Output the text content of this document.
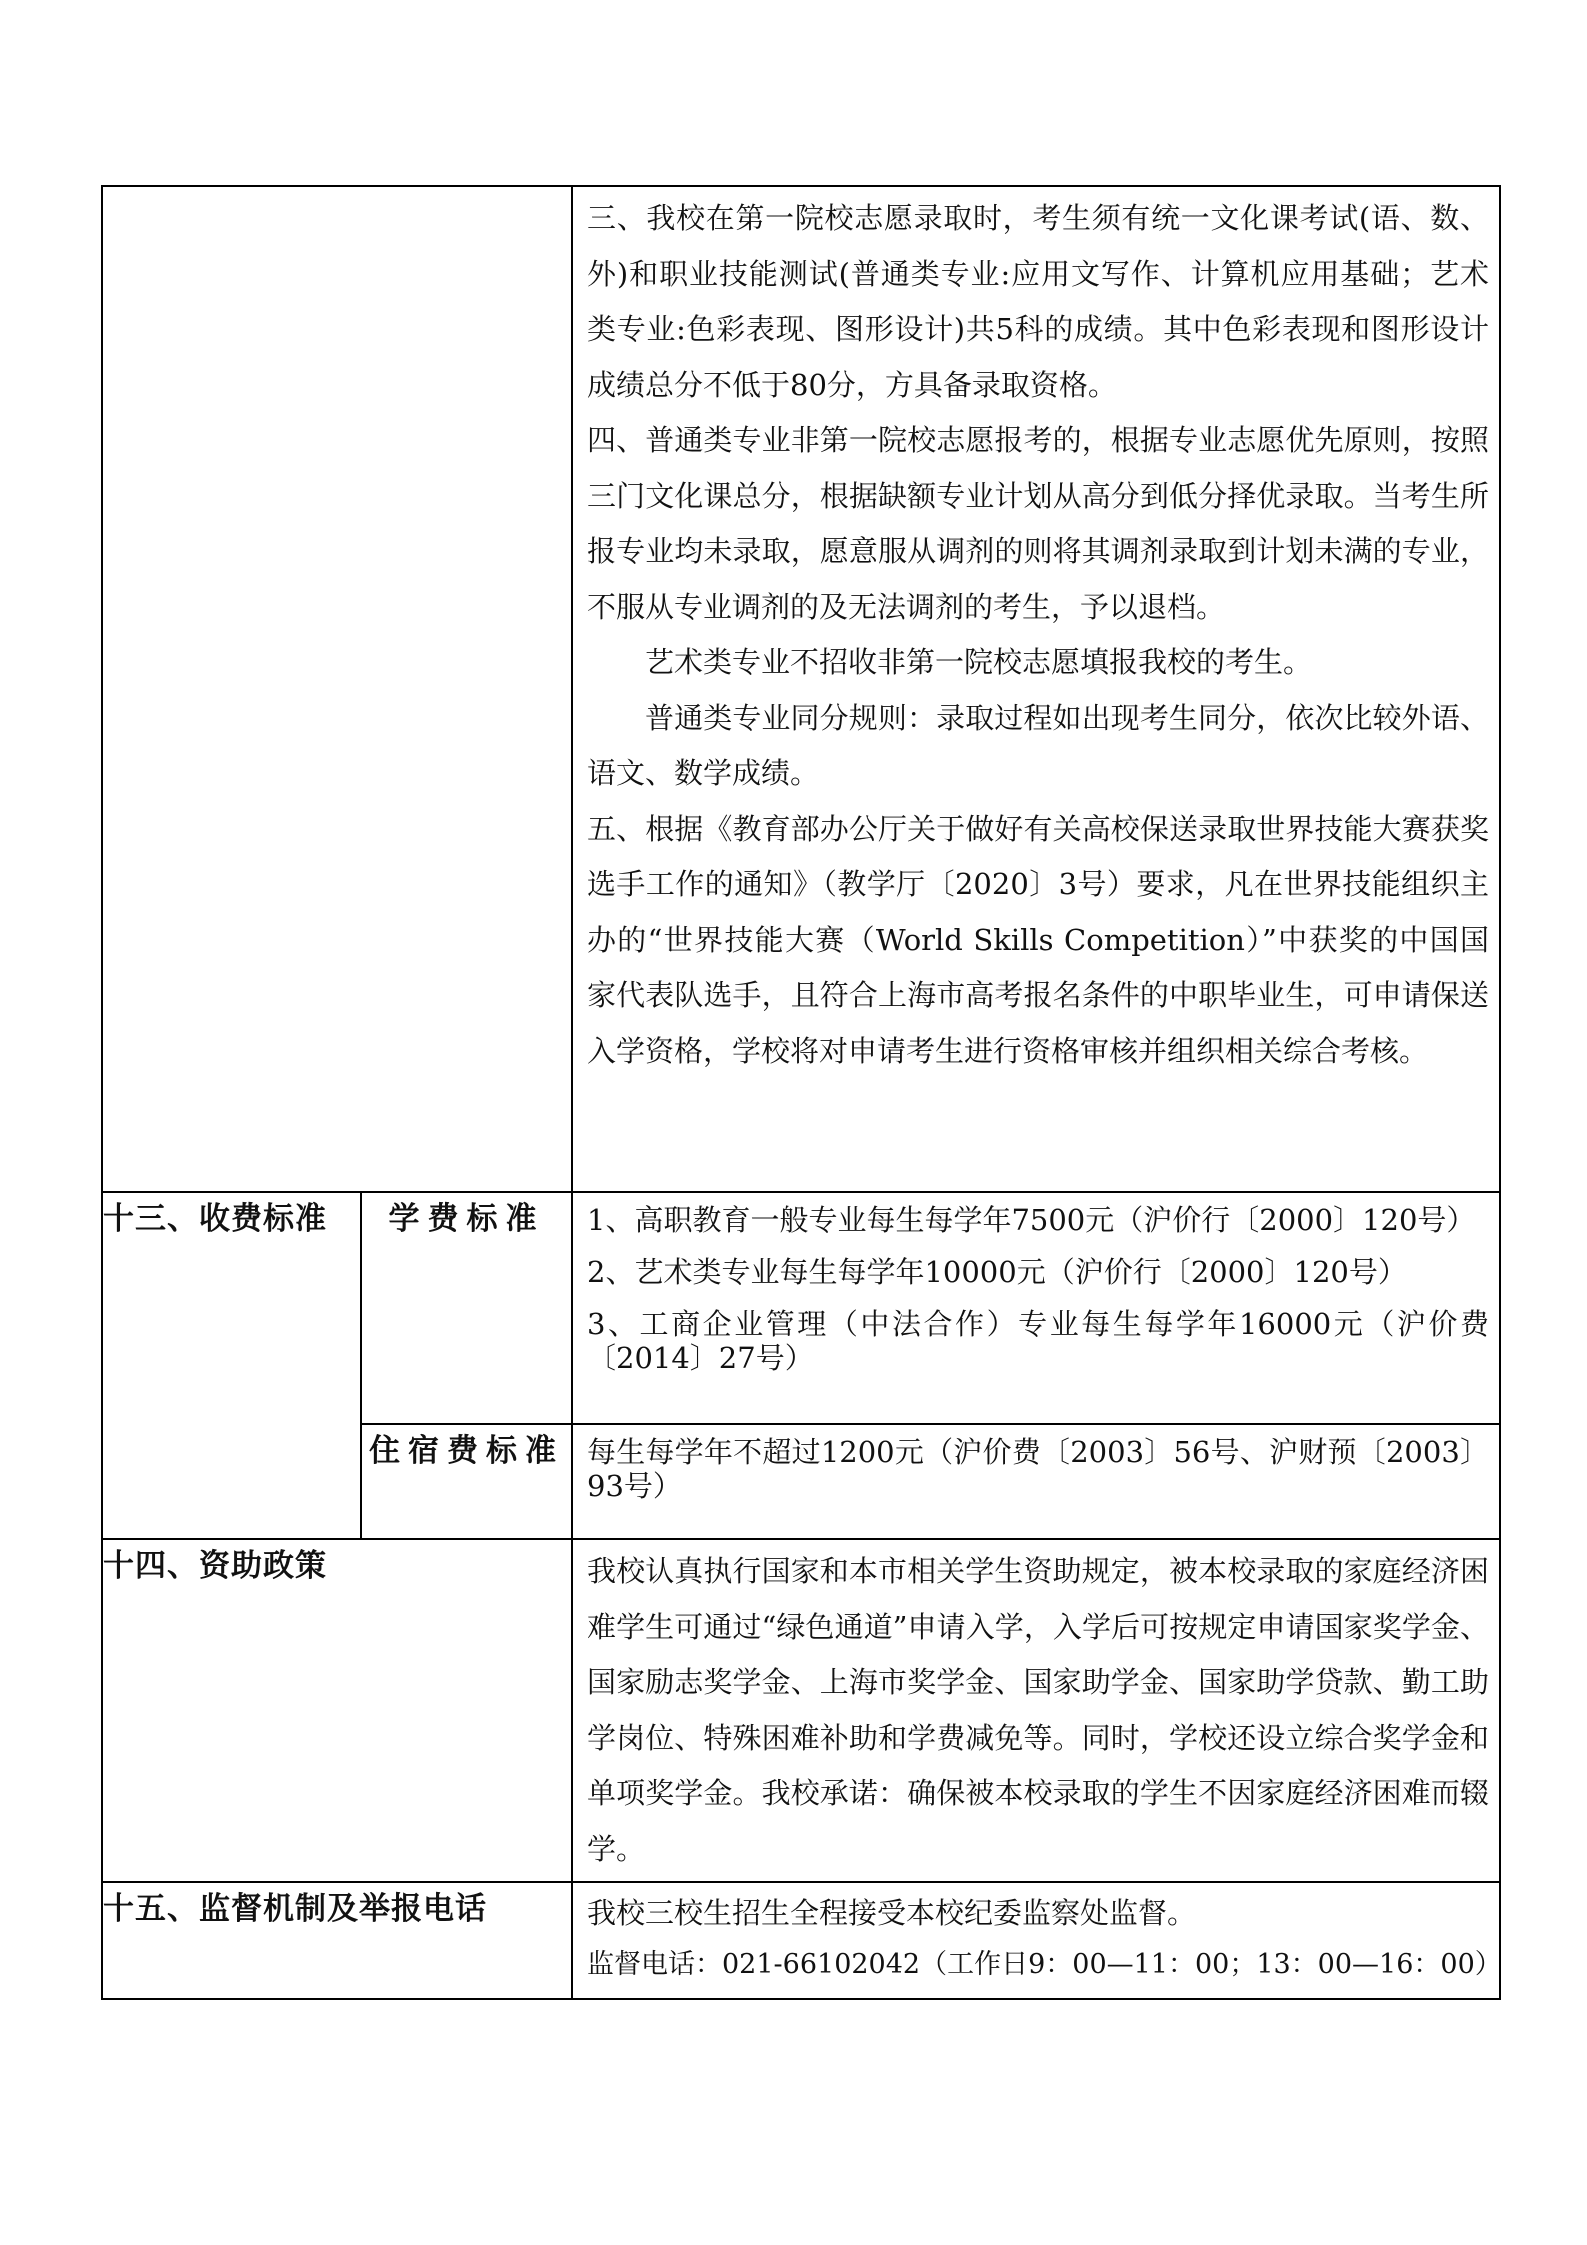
		三、我校在第一院校志愿录取时，考生须有统一文化课考试(语、数、外)和职业技能测试(普通类专业:应用文写作、计算机应用基础；艺术类专业:色彩表现、图形设计)共5科的成绩。其中色彩表现和图形设计成绩总分不低于80分，方具备录取资格。

四、普通类专业非第一院校志愿报考的，根据专业志愿优先原则，按照三门文化课总分，根据缺额专业计划从高分到低分择优录取。当考生所报专业均未录取，愿意服从调剂的则将其调剂录取到计划未满的专业，不服从专业调剂的及无法调剂的考生，予以退档。

艺术类专业不招收非第一院校志愿填报我校的考生。

普通类专业同分规则：录取过程如出现考生同分，依次比较外语、语文、数学成绩。

五、根据《教育部办公厅关于做好有关高校保送录取世界技能大赛获奖选手工作的通知》（教学厅〔2020〕3号）要求，凡在世界技能组织主办的“世界技能大赛（World Skills Competition）”中获奖的中国国家代表队选手，且符合上海市高考报名条件的中职毕业生，可申请保送入学资格，学校将对申请考生进行资格审核并组织相关综合考核。

十三、收费标准	学费标准	1、高职教育一般专业每生每学年7500元（沪价行〔2000〕120号）

2、艺术类专业每生每学年10000元（沪价行〔2000〕120号）

3、工商企业管理（中法合作）专业每生每学年16000元（沪价费〔2014〕27号）

	住宿费标准	每生每学年不超过1200元（沪价费〔2003〕56号、沪财预〔2003〕93号）

十四、资助政策		我校认真执行国家和本市相关学生资助规定，被本校录取的家庭经济困难学生可通过“绿色通道”申请入学，入学后可按规定申请国家奖学金、国家励志奖学金、上海市奖学金、国家助学金、国家助学贷款、勤工助学岗位、特殊困难补助和学费减免等。同时，学校还设立综合奖学金和单项奖学金。我校承诺：确保被本校录取的学生不因家庭经济困难而辍学。

十五、监督机制及举报电话		我校三校生招生全程接受本校纪委监察处监督。

监督电话：021-66102042（工作日9：00—11：00；13：00—16：00）
